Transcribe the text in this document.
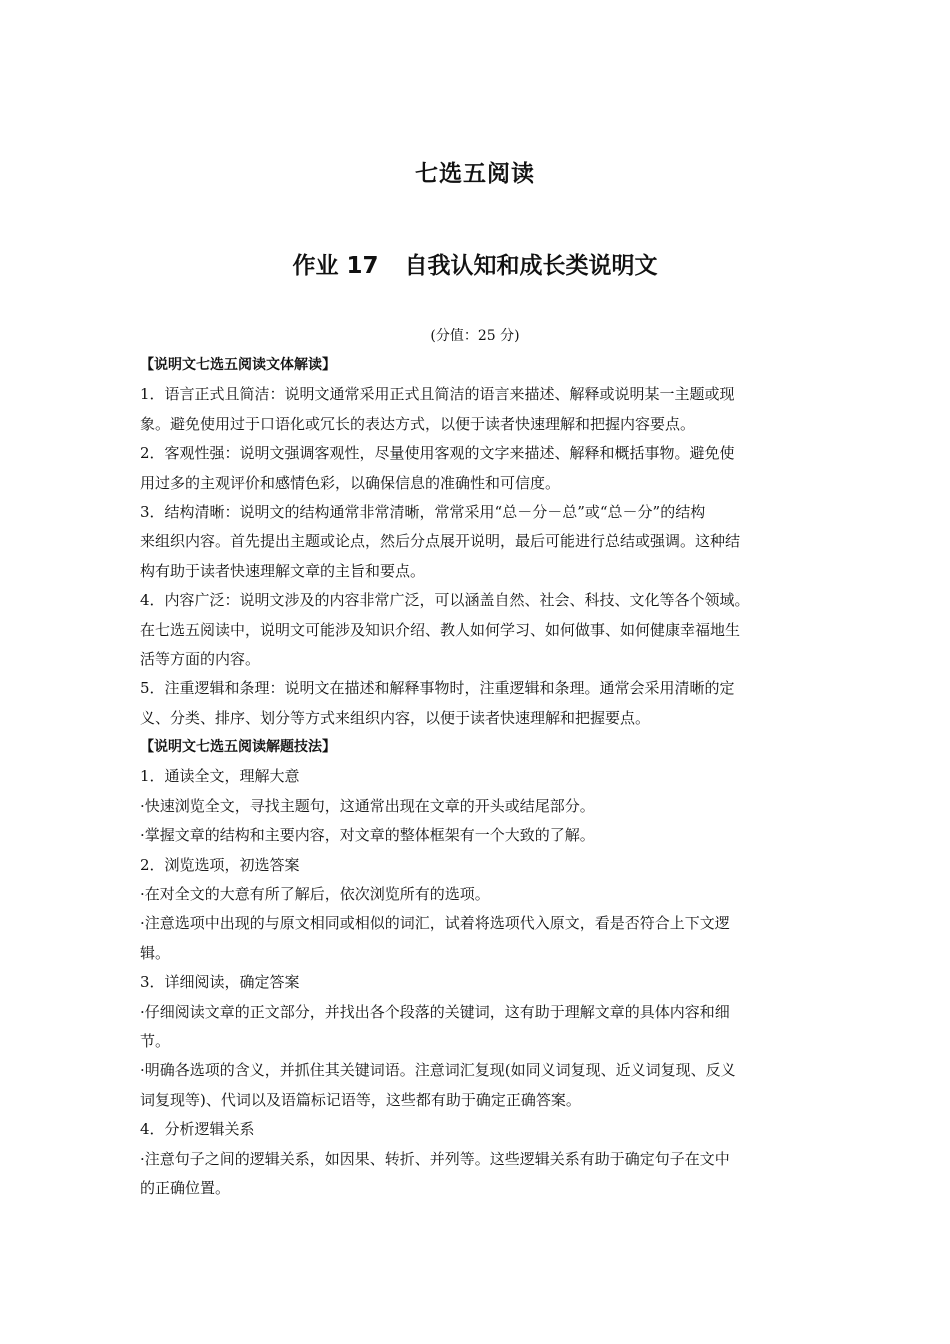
七选五阅读
作业 17 自我认知和成长类说明文
(分值：25 分)
【说明文七选五阅读文体解读】
1．语言正式且简洁：说明文通常采用正式且简洁的语言来描述、解释或说明某一主题或现
象。避免使用过于口语化或冗长的表达方式，以便于读者快速理解和把握内容要点。
2．客观性强：说明文强调客观性，尽量使用客观的文字来描述、解释和概括事物。避免使
用过多的主观评价和感情色彩，以确保信息的准确性和可信度。
3．结构清晰：说明文的结构通常非常清晰，常常采用“总－分－总”或“总－分”的结构
来组织内容。首先提出主题或论点，然后分点展开说明，最后可能进行总结或强调。这种结
构有助于读者快速理解文章的主旨和要点。
4．内容广泛：说明文涉及的内容非常广泛，可以涵盖自然、社会、科技、文化等各个领域。
在七选五阅读中，说明文可能涉及知识介绍、教人如何学习、如何做事、如何健康幸福地生
活等方面的内容。
5．注重逻辑和条理：说明文在描述和解释事物时，注重逻辑和条理。通常会采用清晰的定
义、分类、排序、划分等方式来组织内容，以便于读者快速理解和把握要点。
【说明文七选五阅读解题技法】
1．通读全文，理解大意
·快速浏览全文，寻找主题句，这通常出现在文章的开头或结尾部分。
·掌握文章的结构和主要内容，对文章的整体框架有一个大致的了解。
2．浏览选项，初选答案
·在对全文的大意有所了解后，依次浏览所有的选项。
·注意选项中出现的与原文相同或相似的词汇，试着将选项代入原文，看是否符合上下文逻
辑。
3．详细阅读，确定答案
·仔细阅读文章的正文部分，并找出各个段落的关键词，这有助于理解文章的具体内容和细
节。
·明确各选项的含义，并抓住其关键词语。注意词汇复现(如同义词复现、近义词复现、反义
词复现等)、代词以及语篇标记语等，这些都有助于确定正确答案。
4．分析逻辑关系
·注意句子之间的逻辑关系，如因果、转折、并列等。这些逻辑关系有助于确定句子在文中
的正确位置。
